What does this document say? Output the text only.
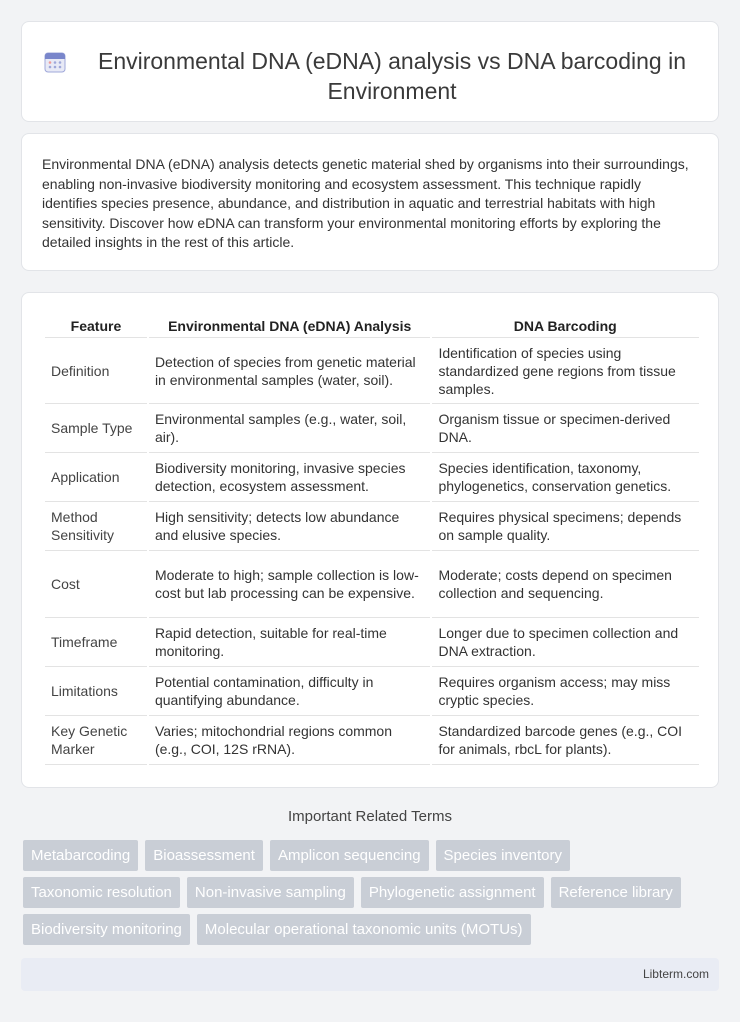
Environmental DNA (eDNA) analysis vs DNA barcoding in Environment

Environmental DNA (eDNA) analysis detects genetic material shed by organisms into their surroundings, enabling non-invasive biodiversity monitoring and ecosystem assessment. This technique rapidly identifies species presence, abundance, and distribution in aquatic and terrestrial habitats with high sensitivity. Discover how eDNA can transform your environmental monitoring efforts by exploring the detailed insights in the rest of this article.

Feature	Environmental DNA (eDNA) Analysis	DNA Barcoding
Definition	Detection of species from genetic material in environmental samples (water, soil).	Identification of species using standardized gene regions from tissue samples.
Sample Type	Environmental samples (e.g., water, soil, air).	Organism tissue or specimen-derived DNA.
Application	Biodiversity monitoring, invasive species detection, ecosystem assessment.	Species identification, taxonomy, phylogenetics, conservation genetics.
Method Sensitivity	High sensitivity; detects low abundance and elusive species.	Requires physical specimens; depends on sample quality.
Cost	Moderate to high; sample collection is low-cost but lab processing can be expensive.	Moderate; costs depend on specimen collection and sequencing.
Timeframe	Rapid detection, suitable for real-time monitoring.	Longer due to specimen collection and DNA extraction.
Limitations	Potential contamination, difficulty in quantifying abundance.	Requires organism access; may miss cryptic species.
Key Genetic Marker	Varies; mitochondrial regions common (e.g., COI, 12S rRNA).	Standardized barcode genes (e.g., COI for animals, rbcL for plants).
Important Related Terms
Metabarcoding	Bioassessment	Amplicon sequencing	Species inventory
Taxonomic resolution	Non-invasive sampling	Phylogenetic assignment	Reference library
Biodiversity monitoring	Molecular operational taxonomic units (MOTUs)
Libterm.com
